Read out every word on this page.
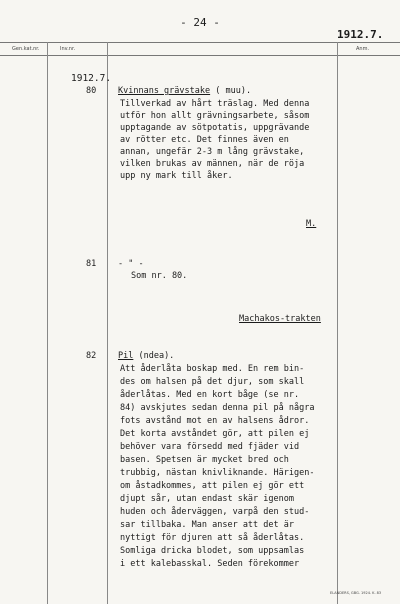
- 24 -
1912.7.
Gen.kat.nr.	Inv.nr.	Anm.
1912.7.
80	Kvinnans grävstake ( muu).
Tillverkad av hårt träslag. Med denna
utför hon allt grävningsarbete, såsom
upptagande av sötpotatis, uppgrävande
av rötter etc. Det finnes även en
annan, ungefär 2-3 m lång grävstake,
vilken brukas av männen, när de röja
upp ny mark till åker.
M.
81	- " -
Som nr. 80.
Machakos-trakten
82	Pil (ndea).
Att åderlåta boskap med. En rem bin-
des om halsen på det djur, som skall
åderlåtas. Med en kort båge (se nr.
84) avskjutes sedan denna pil på några
fots avstånd mot en av halsens ådror.
Det korta avståndet gör, att pilen ej
behöver vara försedd med fjäder vid
basen. Spetsen är mycket bred och
trubbig, nästan knivliknande. Härigen-
om åstadkommes, att pilen ej gör ett
djupt sår, utan endast skär igenom
huden och åderväggen, varpå den stud-
sar tillbaka. Man anser att det är
nyttigt för djuren att så åderlåtas.
Somliga dricka blodet, som uppsamlas
i ett kalebasskal. Seden förekommer
ELANDERS, GBG. 1924. K. 83
